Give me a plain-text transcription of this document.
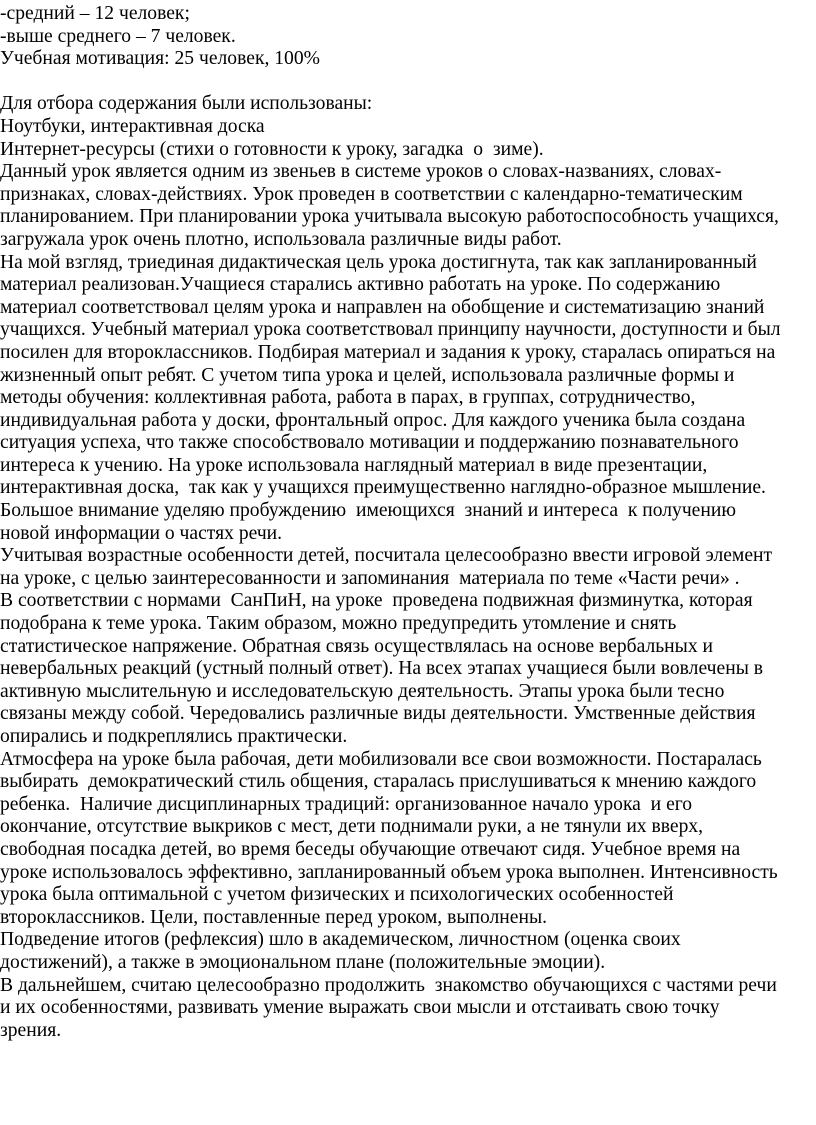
-средний – 12 человек;
-выше среднего – 7 человек.
Учебная мотивация: 25 человек, 100%
Для отбора содержания были использованы:
Ноутбуки, интерактивная доска
Интернет-ресурсы (стихи о готовности к уроку, загадка  о  зиме).
Данный урок является одним из звеньев в системе уроков о словах-названиях, словах-
признаках, словах-действиях. Урок проведен в соответствии с календарно-тематическим
планированием. При планировании урока учитывала высокую работоспособность учащихся,
загружала урок очень плотно, использовала различные виды работ.
На мой взгляд, триединая дидактическая цель урока достигнута, так как запланированный
материал реализован.Учащиеся старались активно работать на уроке. По содержанию
материал соответствовал целям урока и направлен на обобщение и систематизацию знаний
учащихся. Учебный материал урока соответствовал принципу научности, доступности и был
посилен для второклассников. Подбирая материал и задания к уроку, старалась опираться на
жизненный опыт ребят. С учетом типа урока и целей, использовала различные формы и
методы обучения: коллективная работа, работа в парах, в группах, сотрудничество,
индивидуальная работа у доски, фронтальный опрос. Для каждого ученика была создана
ситуация успеха, что также способствовало мотивации и поддержанию познавательного
интереса к учению. На уроке использовала наглядный материал в виде презентации,
интерактивная доска,  так как у учащихся преимущественно наглядно-образное мышление.
Большое внимание уделяю пробуждению  имеющихся  знаний и интереса  к получению
новой информации о частях речи.
Учитывая возрастные особенности детей, посчитала целесообразно ввести игровой элемент
на уроке, с целью заинтересованности и запоминания  материала по теме «Части речи» .
В соответствии с нормами  СанПиН, на уроке  проведена подвижная физминутка, которая
подобрана к теме урока. Таким образом, можно предупредить утомление и снять
статистическое напряжение. Обратная связь осуществлялась на основе вербальных и
невербальных реакций (устный полный ответ). На всех этапах учащиеся были вовлечены в
активную мыслительную и исследовательскую деятельность. Этапы урока были тесно
связаны между собой. Чередовались различные виды деятельности. Умственные действия
опирались и подкреплялись практически.
Атмосфера на уроке была рабочая, дети мобилизовали все свои возможности. Постаралась
выбирать  демократический стиль общения, старалась прислушиваться к мнению каждого
ребенка.  Наличие дисциплинарных традиций: организованное начало урока  и его
окончание, отсутствие выкриков с мест, дети поднимали руки, а не тянули их вверх,
свободная посадка детей, во время беседы обучающие отвечают сидя. Учебное время на
уроке использовалось эффективно, запланированный объем урока выполнен. Интенсивность
урока была оптимальной с учетом физических и психологических особенностей
второклассников. Цели, поставленные перед уроком, выполнены.
Подведение итогов (рефлексия) шло в академическом, личностном (оценка своих
достижений), а также в эмоциональном плане (положительные эмоции).
В дальнейшем, считаю целесообразно продолжить  знакомство обучающихся с частями речи
и их особенностями, развивать умение выражать свои мысли и отстаивать свою точку
зрения.
